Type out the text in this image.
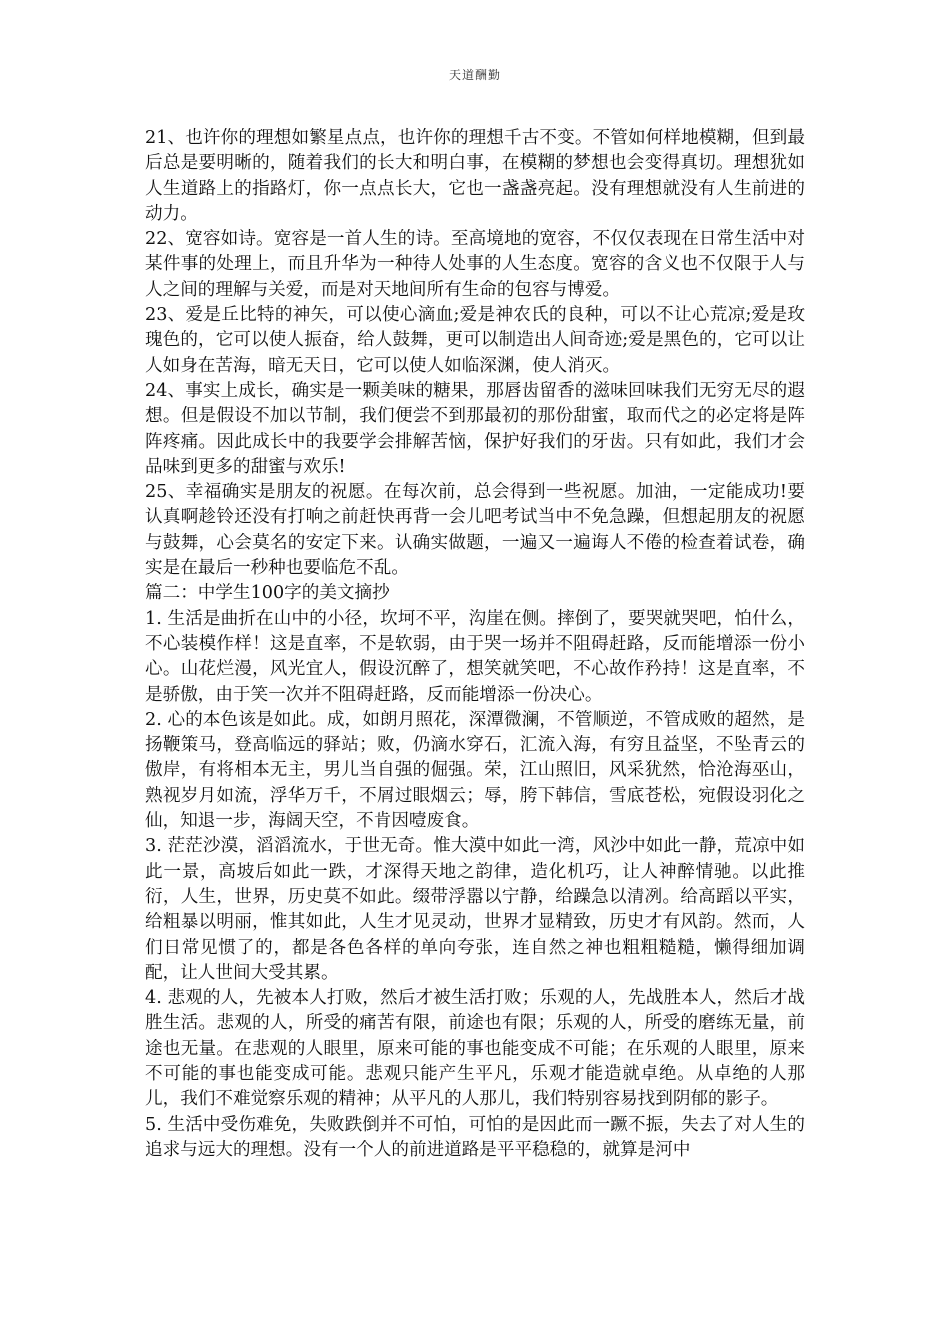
天道酬勤

21、也许你的理想如繁星点点，也许你的理想千古不变。不管如何样地模糊，但到最后总是要明晰的，随着我们的长大和明白事，在模糊的梦想也会变得真切。理想犹如人生道路上的指路灯，你一点点长大，它也一盏盏亮起。没有理想就没有人生前进的动力。

22、宽容如诗。宽容是一首人生的诗。至高境地的宽容，不仅仅表现在日常生活中对某件事的处理上，而且升华为一种待人处事的人生态度。宽容的含义也不仅限于人与人之间的理解与关爱，而是对天地间所有生命的包容与博爱。

23、爱是丘比特的神矢，可以使心滴血;爱是神农氏的良种，可以不让心荒凉;爱是玫瑰色的，它可以使人振奋，给人鼓舞，更可以制造出人间奇迹;爱是黑色的，它可以让人如身在苦海，暗无天日，它可以使人如临深渊，使人消灭。

24、事实上成长，确实是一颗美味的糖果，那唇齿留香的滋味回味我们无穷无尽的遐想。但是假设不加以节制，我们便尝不到那最初的那份甜蜜，取而代之的必定将是阵阵疼痛。因此成长中的我要学会排解苦恼，保护好我们的牙齿。只有如此，我们才会品味到更多的甜蜜与欢乐!

25、幸福确实是朋友的祝愿。在每次前，总会得到一些祝愿。加油，一定能成功!要认真啊趁铃还没有打响之前赶快再背一会儿吧考试当中不免急躁，但想起朋友的祝愿与鼓舞，心会莫名的安定下来。认确实做题，一遍又一遍诲人不倦的检查着试卷，确实是在最后一秒种也要临危不乱。

篇二：中学生100字的美文摘抄

1. 生活是曲折在山中的小径，坎坷不平，沟崖在侧。摔倒了，要哭就哭吧，怕什么，不心装模作样！这是直率，不是软弱，由于哭一场并不阻碍赶路，反而能增添一份小心。山花烂漫，风光宜人，假设沉醉了，想笑就笑吧，不心故作矜持！这是直率，不是骄傲，由于笑一次并不阻碍赶路，反而能增添一份决心。

2. 心的本色该是如此。成，如朗月照花，深潭微澜，不管顺逆，不管成败的超然，是扬鞭策马，登高临远的驿站；败，仍滴水穿石，汇流入海，有穷且益坚，不坠青云的傲岸，有将相本无主，男儿当自强的倔强。荣，江山照旧，风采犹然，恰沧海巫山，熟视岁月如流，浮华万千，不屑过眼烟云；辱，胯下韩信，雪底苍松，宛假设羽化之仙，知退一步，海阔天空，不肯因噎废食。

3. 茫茫沙漠，滔滔流水，于世无奇。惟大漠中如此一湾，风沙中如此一静，荒凉中如此一景，高坡后如此一跌，才深得天地之韵律，造化机巧，让人神醉情驰。以此推衍，人生，世界，历史莫不如此。缀带浮嚣以宁静，给躁急以清冽。给高蹈以平实，给粗暴以明丽，惟其如此，人生才见灵动，世界才显精致，历史才有风韵。然而，人们日常见惯了的，都是各色各样的单向夸张，连自然之神也粗粗糙糙，懒得细加调配，让人世间大受其累。

4. 悲观的人，先被本人打败，然后才被生活打败；乐观的人，先战胜本人，然后才战胜生活。悲观的人，所受的痛苦有限，前途也有限；乐观的人，所受的磨练无量，前途也无量。在悲观的人眼里，原来可能的事也能变成不可能；在乐观的人眼里，原来不可能的事也能变成可能。悲观只能产生平凡，乐观才能造就卓绝。从卓绝的人那儿，我们不难觉察乐观的精神；从平凡的人那儿，我们特别容易找到阴郁的影子。

5. 生活中受伤难免，失败跌倒并不可怕，可怕的是因此而一蹶不振，失去了对人生的追求与远大的理想。没有一个人的前进道路是平平稳稳的，就算是河中
